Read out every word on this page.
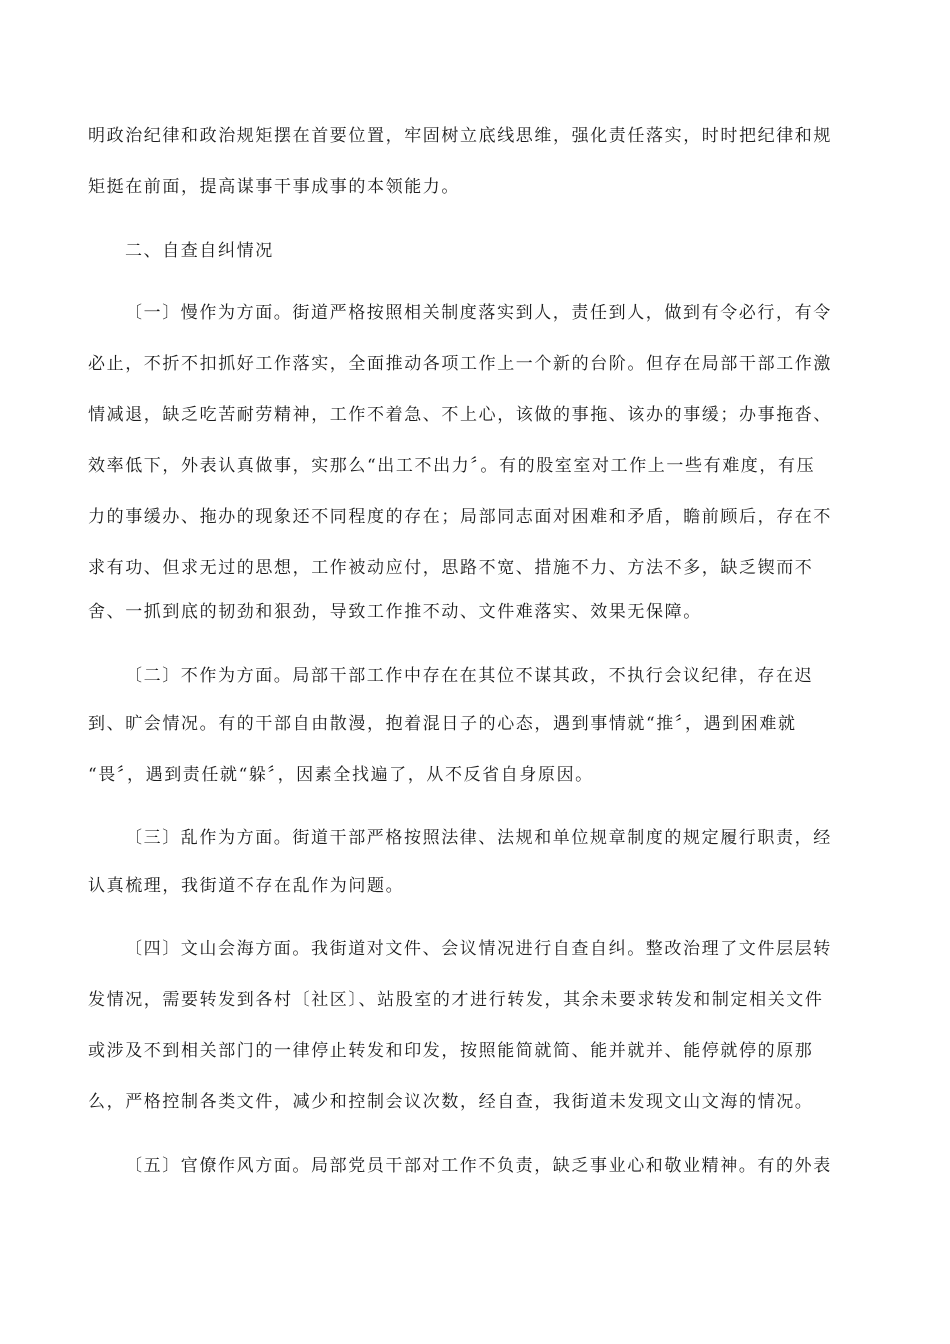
明政治纪律和政治规矩摆在首要位置，牢固树立底线思维，强化责任落实，时时把纪律和规
矩挺在前面，提高谋事干事成事的本领能力。
二、自查自纠情况
〔一〕慢作为方面。街道严格按照相关制度落实到人，责任到人，做到有令必行，有令
必止，不折不扣抓好工作落实，全面推动各项工作上一个新的台阶。但存在局部干部工作激
情减退，缺乏吃苦耐劳精神，工作不着急、不上心，该做的事拖、该办的事缓；办事拖沓、
效率低下，外表认真做事，实那么“出工不出力〞。有的股室室对工作上一些有难度，有压
力的事缓办、拖办的现象还不同程度的存在；局部同志面对困难和矛盾，瞻前顾后，存在不
求有功、但求无过的思想，工作被动应付，思路不宽、措施不力、方法不多，缺乏锲而不
舍、一抓到底的韧劲和狠劲，导致工作推不动、文件难落实、效果无保障。
〔二〕不作为方面。局部干部工作中存在在其位不谋其政，不执行会议纪律，存在迟
到、旷会情况。有的干部自由散漫，抱着混日子的心态，遇到事情就“推〞，遇到困难就
“畏〞，遇到责任就“躲〞，因素全找遍了，从不反省自身原因。
〔三〕乱作为方面。街道干部严格按照法律、法规和单位规章制度的规定履行职责，经
认真梳理，我街道不存在乱作为问题。
〔四〕文山会海方面。我街道对文件、会议情况进行自查自纠。整改治理了文件层层转
发情况，需要转发到各村〔社区〕、站股室的才进行转发，其余未要求转发和制定相关文件
或涉及不到相关部门的一律停止转发和印发，按照能简就简、能并就并、能停就停的原那
么，严格控制各类文件，减少和控制会议次数，经自查，我街道未发现文山文海的情况。
〔五〕官僚作风方面。局部党员干部对工作不负责，缺乏事业心和敬业精神。有的外表
